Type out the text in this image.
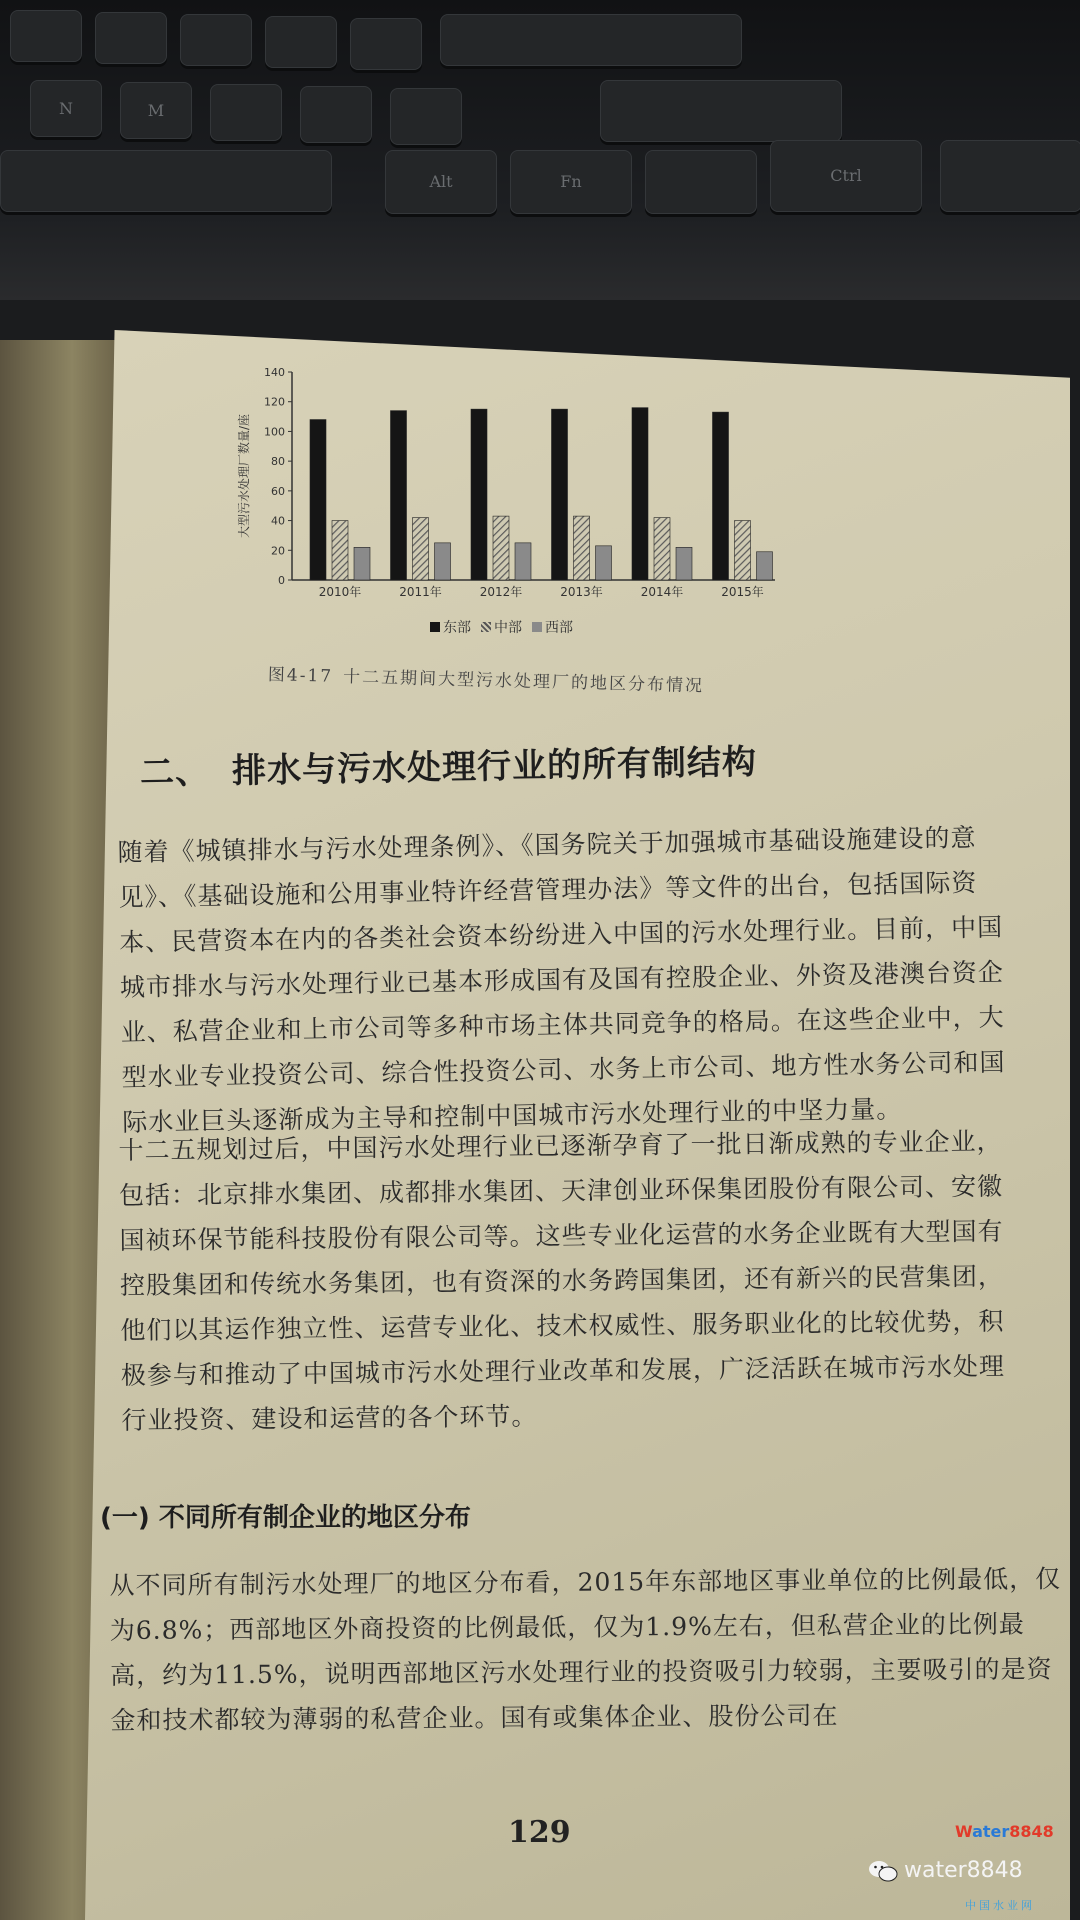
N	M
Alt	Fn	Ctrl
0
20
40
60
80
100
120
140
大型污水处理厂数量/座
2010年	2011年	2012年	2013年	2014年	2015年
东部 中部 西部
图4-17 十二五期间大型污水处理厂的地区分布情况
二、 排水与污水处理行业的所有制结构
随着《城镇排水与污水处理条例》、《国务院关于加强城市基础设施建设的意见》、《基础设施和公用事业特许经营管理办法》等文件的出台，包括国际资本、民营资本在内的各类社会资本纷纷进入中国的污水处理行业。目前，中国城市排水与污水处理行业已基本形成国有及国有控股企业、外资及港澳台资企业、私营企业和上市公司等多种市场主体共同竞争的格局。在这些企业中，大型水业专业投资公司、综合性投资公司、水务上市公司、地方性水务公司和国际水业巨头逐渐成为主导和控制中国城市污水处理行业的中坚力量。
十二五规划过后，中国污水处理行业已逐渐孕育了一批日渐成熟的专业企业，包括：北京排水集团、成都排水集团、天津创业环保集团股份有限公司、安徽国祯环保节能科技股份有限公司等。这些专业化运营的水务企业既有大型国有控股集团和传统水务集团，也有资深的水务跨国集团，还有新兴的民营集团，他们以其运作独立性、运营专业化、技术权威性、服务职业化的比较优势，积极参与和推动了中国城市污水处理行业改革和发展，广泛活跃在城市污水处理行业投资、建设和运营的各个环节。
(一) 不同所有制企业的地区分布
从不同所有制污水处理厂的地区分布看，2015年东部地区事业单位的比例最低，仅为6.8%；西部地区外商投资的比例最低，仅为1.9%左右，但私营企业的比例最高，约为11.5%，说明西部地区污水处理行业的投资吸引力较弱，主要吸引的是资金和技术都较为薄弱的私营企业。国有或集体企业、股份公司在
129	Water8848
water8848
中国水业网
